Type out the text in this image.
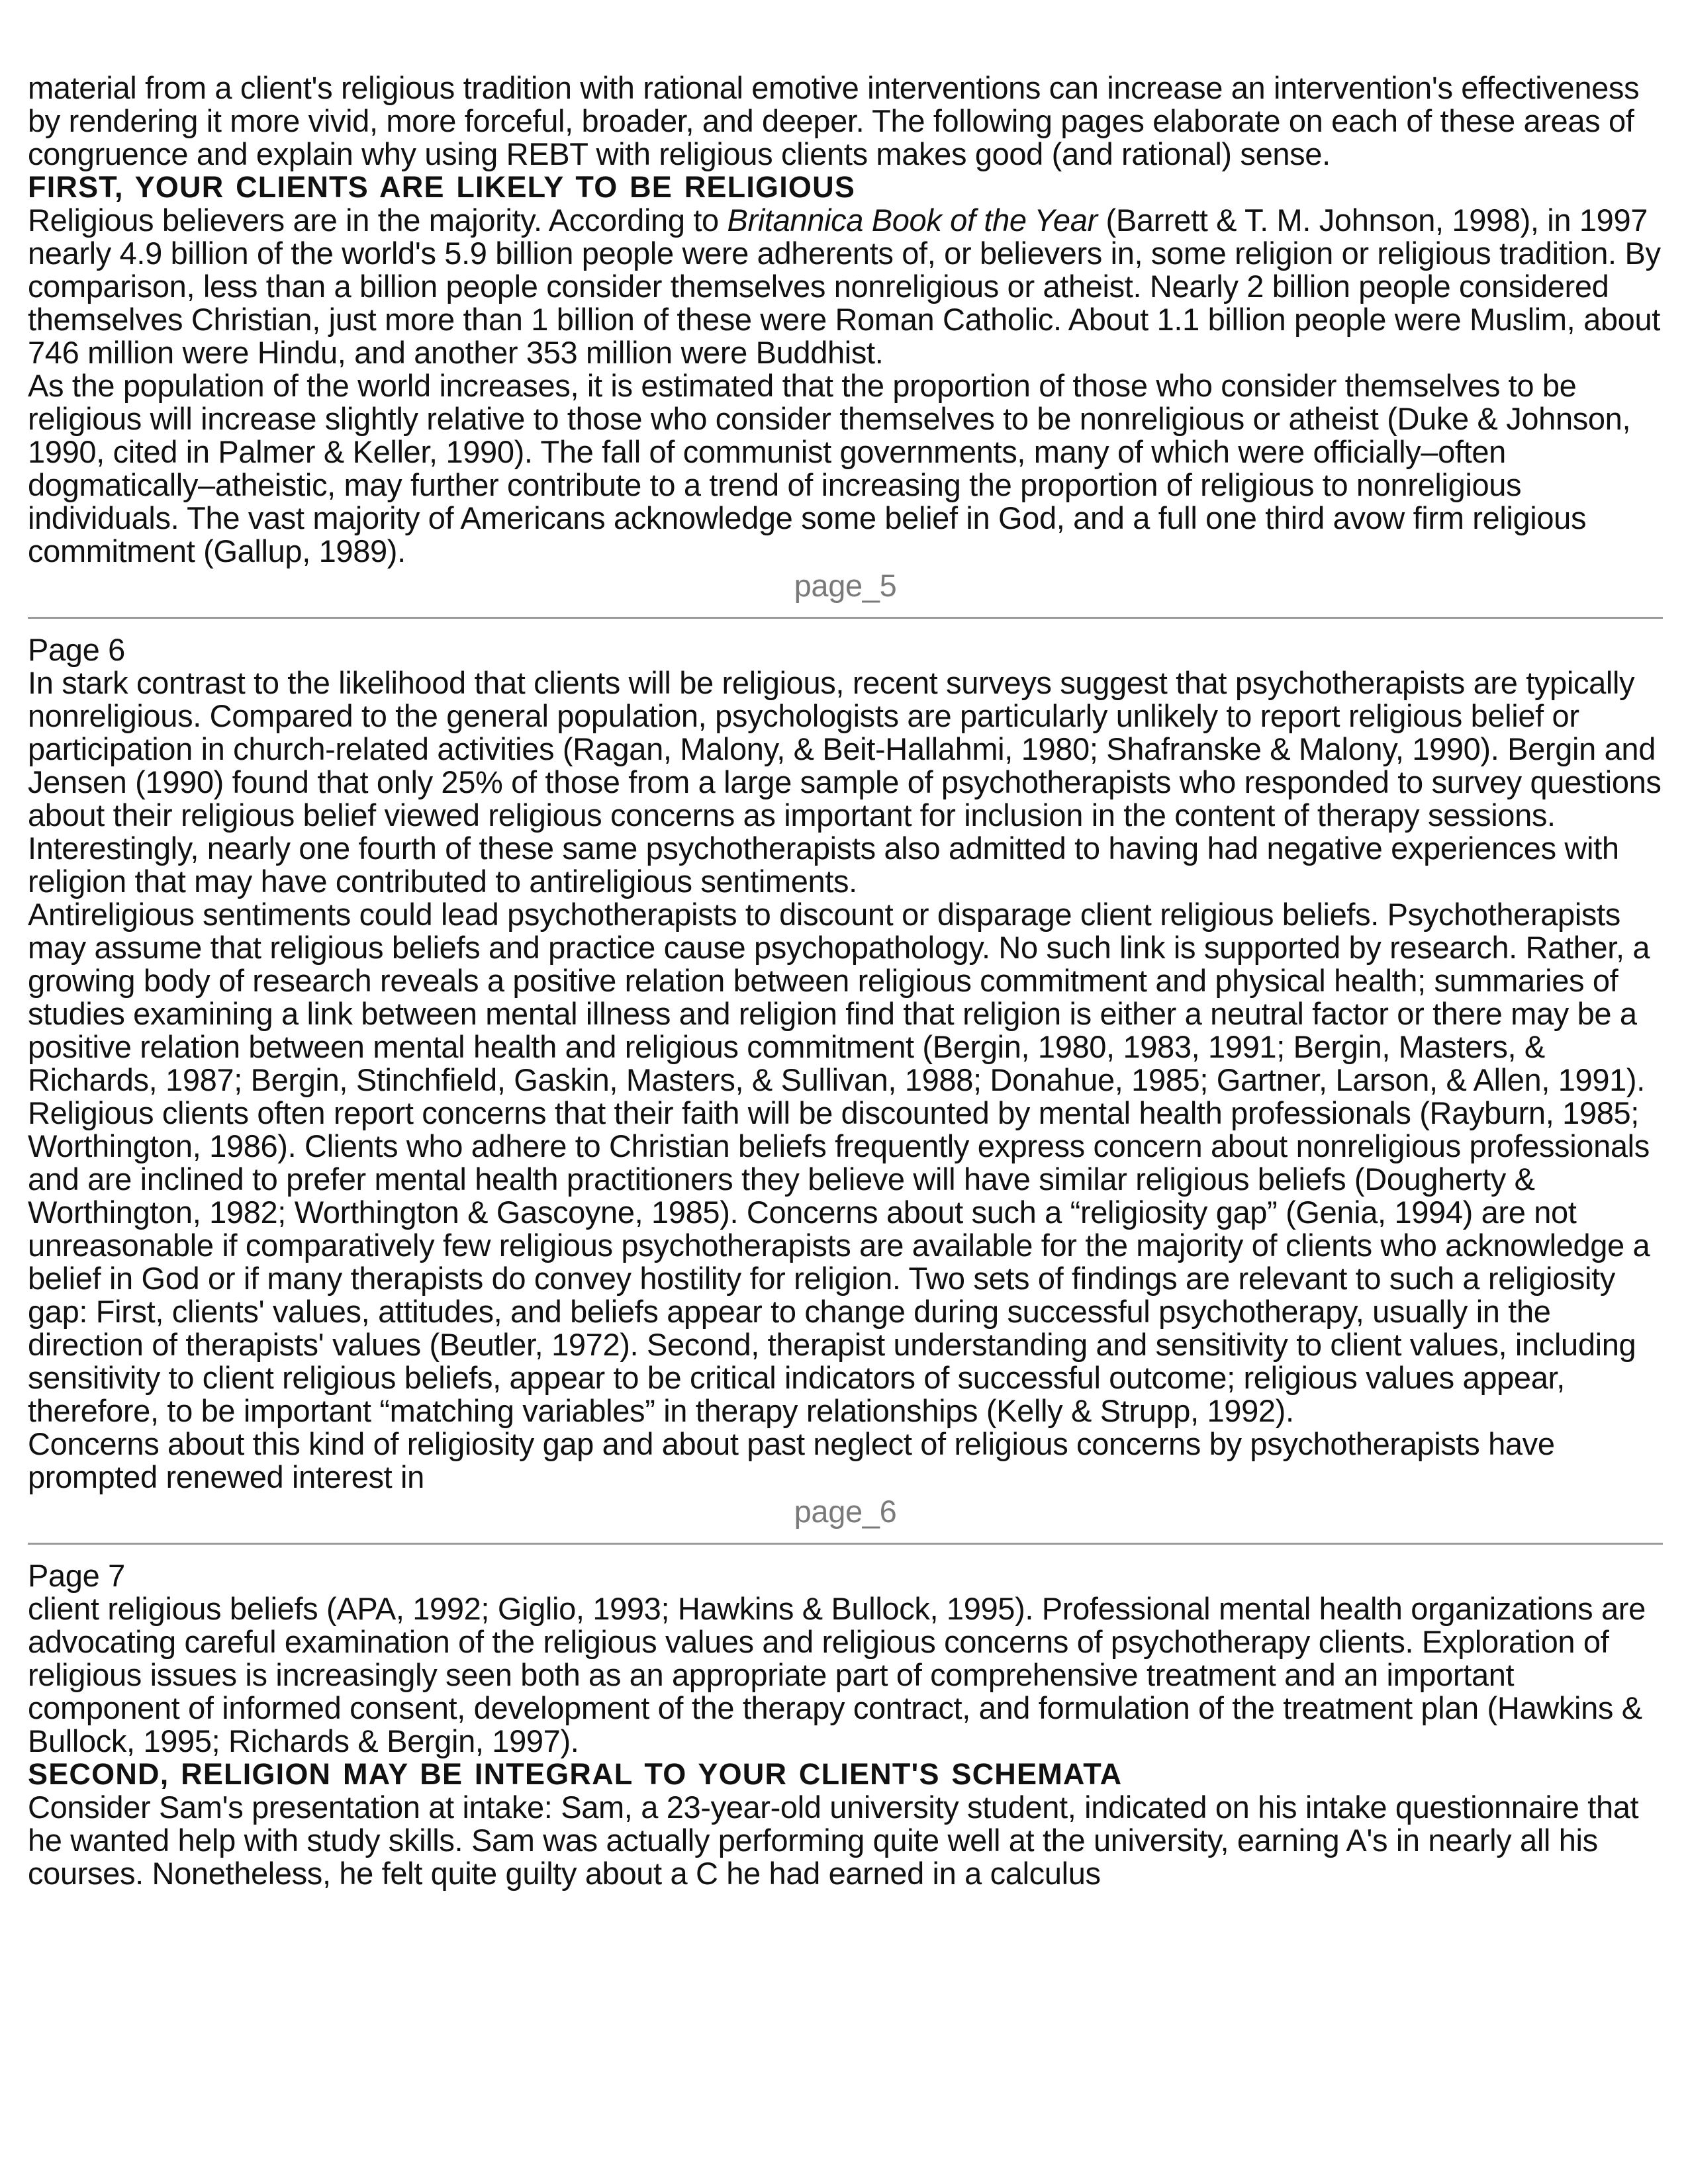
material from a client's religious tradition with rational emotive interventions can increase an intervention's effectiveness by rendering it more vivid, more forceful, broader, and deeper. The following pages elaborate on each of these areas of congruence and explain why using REBT with religious clients makes good (and rational) sense.

FIRST, YOUR CLIENTS ARE LIKELY TO BE RELIGIOUS

Religious believers are in the majority. According to Britannica Book of the Year (Barrett & T. M. Johnson, 1998), in 1997 nearly 4.9 billion of the world's 5.9 billion people were adherents of, or believers in, some religion or religious tradition. By comparison, less than a billion people consider themselves nonreligious or atheist. Nearly 2 billion people considered themselves Christian, just more than 1 billion of these were Roman Catholic. About 1.1 billion people were Muslim, about 746 million were Hindu, and another 353 million were Buddhist.

As the population of the world increases, it is estimated that the proportion of those who consider themselves to be religious will increase slightly relative to those who consider themselves to be nonreligious or atheist (Duke & Johnson, 1990, cited in Palmer & Keller, 1990). The fall of communist governments, many of which were officially–often dogmatically–atheistic, may further contribute to a trend of increasing the proportion of religious to nonreligious individuals. The vast majority of Americans acknowledge some belief in God, and a full one third avow firm religious commitment (Gallup, 1989).

page_5

Page 6

In stark contrast to the likelihood that clients will be religious, recent surveys suggest that psychotherapists are typically nonreligious. Compared to the general population, psychologists are particularly unlikely to report religious belief or participation in church-related activities (Ragan, Malony, & Beit-Hallahmi, 1980; Shafranske & Malony, 1990). Bergin and Jensen (1990) found that only 25% of those from a large sample of psychotherapists who responded to survey questions about their religious belief viewed religious concerns as important for inclusion in the content of therapy sessions. Interestingly, nearly one fourth of these same psychotherapists also admitted to having had negative experiences with religion that may have contributed to antireligious sentiments.

Antireligious sentiments could lead psychotherapists to discount or disparage client religious beliefs. Psychotherapists may assume that religious beliefs and practice cause psychopathology. No such link is supported by research. Rather, a growing body of research reveals a positive relation between religious commitment and physical health; summaries of studies examining a link between mental illness and religion find that religion is either a neutral factor or there may be a positive relation between mental health and religious commitment (Bergin, 1980, 1983, 1991; Bergin, Masters, & Richards, 1987; Bergin, Stinchfield, Gaskin, Masters, & Sullivan, 1988; Donahue, 1985; Gartner, Larson, & Allen, 1991).

Religious clients often report concerns that their faith will be discounted by mental health professionals (Rayburn, 1985; Worthington, 1986). Clients who adhere to Christian beliefs frequently express concern about nonreligious professionals and are inclined to prefer mental health practitioners they believe will have similar religious beliefs (Dougherty & Worthington, 1982; Worthington & Gascoyne, 1985). Concerns about such a “religiosity gap” (Genia, 1994) are not unreasonable if comparatively few religious psychotherapists are available for the majority of clients who acknowledge a belief in God or if many therapists do convey hostility for religion. Two sets of findings are relevant to such a religiosity gap: First, clients' values, attitudes, and beliefs appear to change during successful psychotherapy, usually in the direction of therapists' values (Beutler, 1972). Second, therapist understanding and sensitivity to client values, including sensitivity to client religious beliefs, appear to be critical indicators of successful outcome; religious values appear, therefore, to be important “matching variables” in therapy relationships (Kelly & Strupp, 1992).

Concerns about this kind of religiosity gap and about past neglect of religious concerns by psychotherapists have prompted renewed interest in

page_6

Page 7

client religious beliefs (APA, 1992; Giglio, 1993; Hawkins & Bullock, 1995). Professional mental health organizations are advocating careful examination of the religious values and religious concerns of psychotherapy clients. Exploration of religious issues is increasingly seen both as an appropriate part of comprehensive treatment and an important component of informed consent, development of the therapy contract, and formulation of the treatment plan (Hawkins & Bullock, 1995; Richards & Bergin, 1997).

SECOND, RELIGION MAY BE INTEGRAL TO YOUR CLIENT'S SCHEMATA

Consider Sam's presentation at intake: Sam, a 23-year-old university student, indicated on his intake questionnaire that he wanted help with study skills. Sam was actually performing quite well at the university, earning A's in nearly all his courses. Nonetheless, he felt quite guilty about a C he had earned in a calculus
